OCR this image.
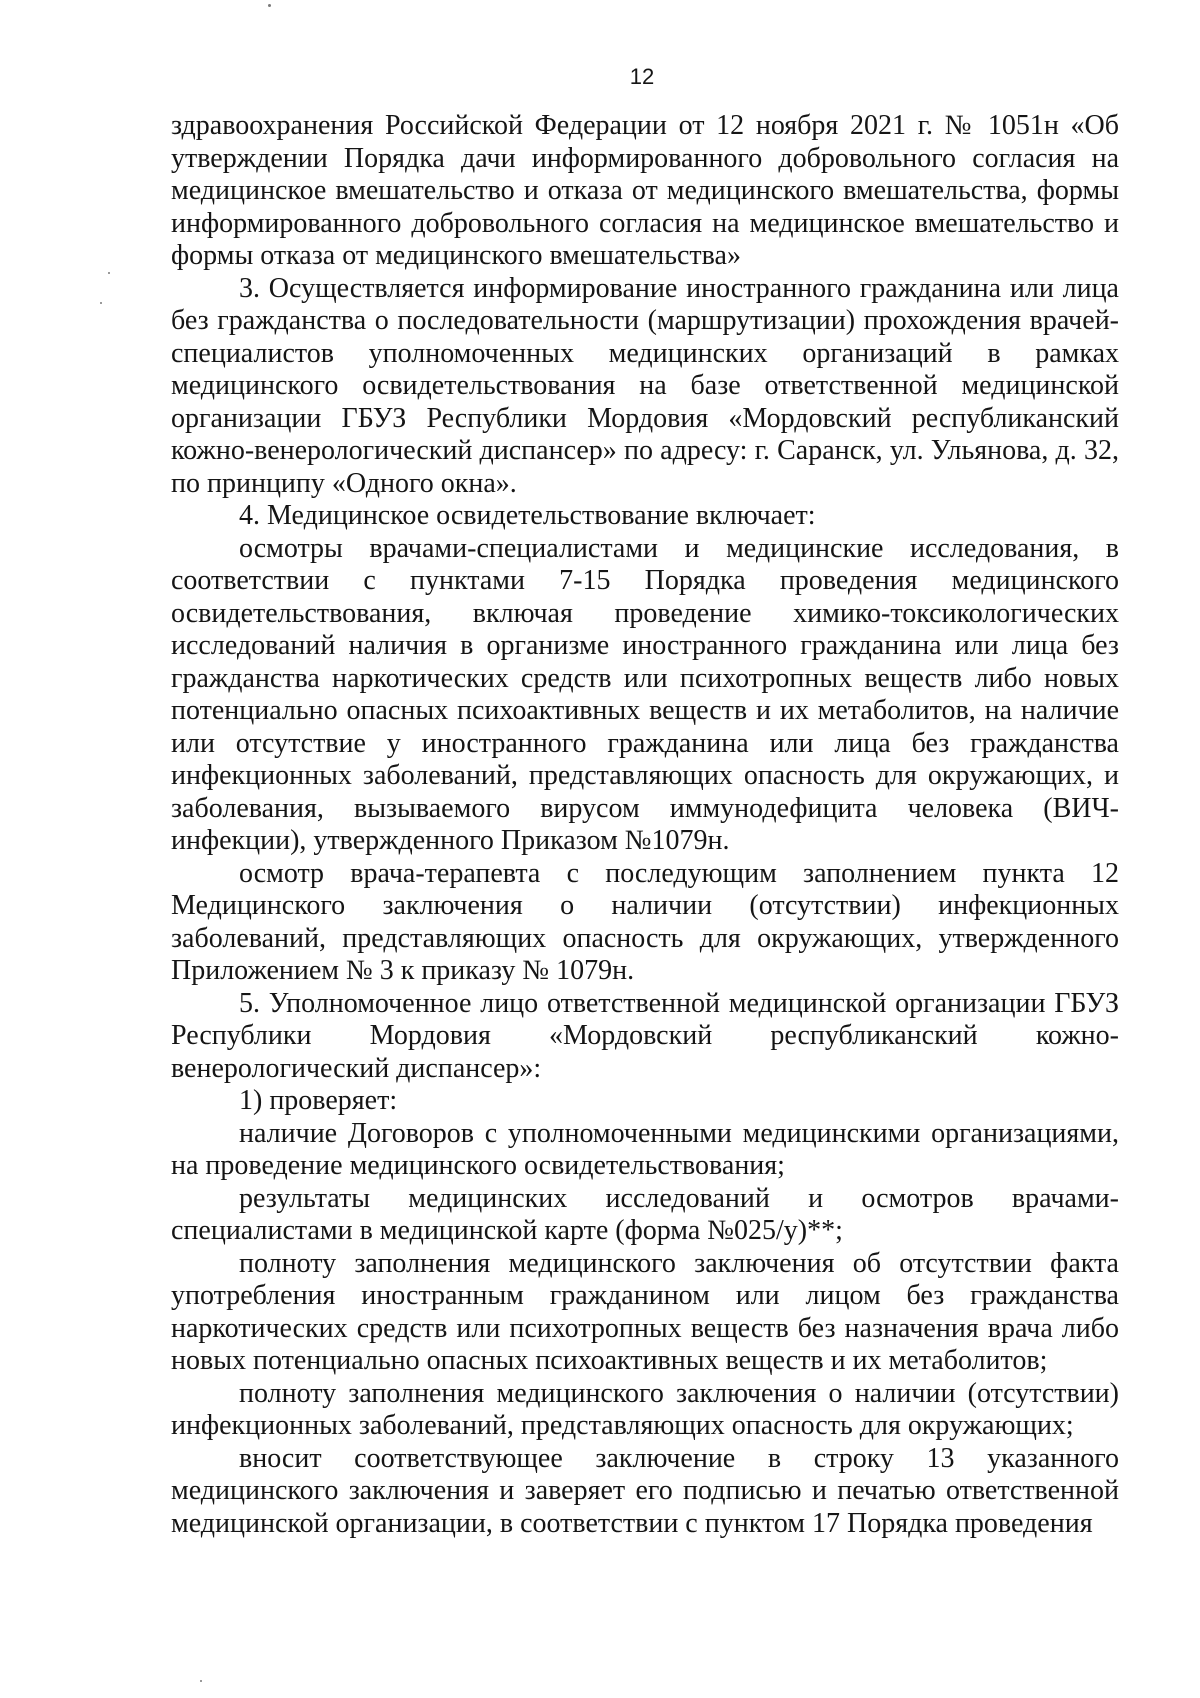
12

здравоохранения Российской Федерации от 12 ноября 2021 г. № 1051н «Об утверждении Порядка дачи информированного добровольного согласия на медицинское вмешательство и отказа от медицинского вмешательства, формы информированного добровольного согласия на медицинское вмешательство и формы отказа от медицинского вмешательства»

3. Осуществляется информирование иностранного гражданина или лица без гражданства о последовательности (маршрутизации) прохождения врачей-специалистов уполномоченных медицинских организаций в рамках медицинского освидетельствования на базе ответственной медицинской организации ГБУЗ Республики Мордовия «Мордовский республиканский кожно-венерологический диспансер» по адресу: г. Саранск, ул. Ульянова, д. 32, по принципу «Одного окна».

4. Медицинское освидетельствование включает:

осмотры врачами-специалистами и медицинские исследования, в соответствии с пунктами 7-15 Порядка проведения медицинского освидетельствования, включая проведение химико-токсикологических исследований наличия в организме иностранного гражданина или лица без гражданства наркотических средств или психотропных веществ либо новых потенциально опасных психоактивных веществ и их метаболитов, на наличие или отсутствие у иностранного гражданина или лица без гражданства инфекционных заболеваний, представляющих опасность для окружающих, и заболевания, вызываемого вирусом иммунодефицита человека (ВИЧ-инфекции), утвержденного Приказом №1079н.

осмотр врача-терапевта с последующим заполнением пункта 12 Медицинского заключения о наличии (отсутствии) инфекционных заболеваний, представляющих опасность для окружающих, утвержденного Приложением № 3 к приказу № 1079н.

5. Уполномоченное лицо ответственной медицинской организации ГБУЗ Республики Мордовия «Мордовский республиканский кожно-венерологический диспансер»:

1) проверяет:

наличие Договоров с уполномоченными медицинскими организациями, на проведение медицинского освидетельствования;

результаты медицинских исследований и осмотров врачами-специалистами в медицинской карте (форма №025/у)**;

полноту заполнения медицинского заключения об отсутствии факта употребления иностранным гражданином или лицом без гражданства наркотических средств или психотропных веществ без назначения врача либо новых потенциально опасных психоактивных веществ и их метаболитов;

полноту заполнения медицинского заключения о наличии (отсутствии) инфекционных заболеваний, представляющих опасность для окружающих;

вносит соответствующее заключение в строку 13 указанного медицинского заключения и заверяет его подписью и печатью ответственной медицинской организации, в соответствии с пунктом 17 Порядка проведения
